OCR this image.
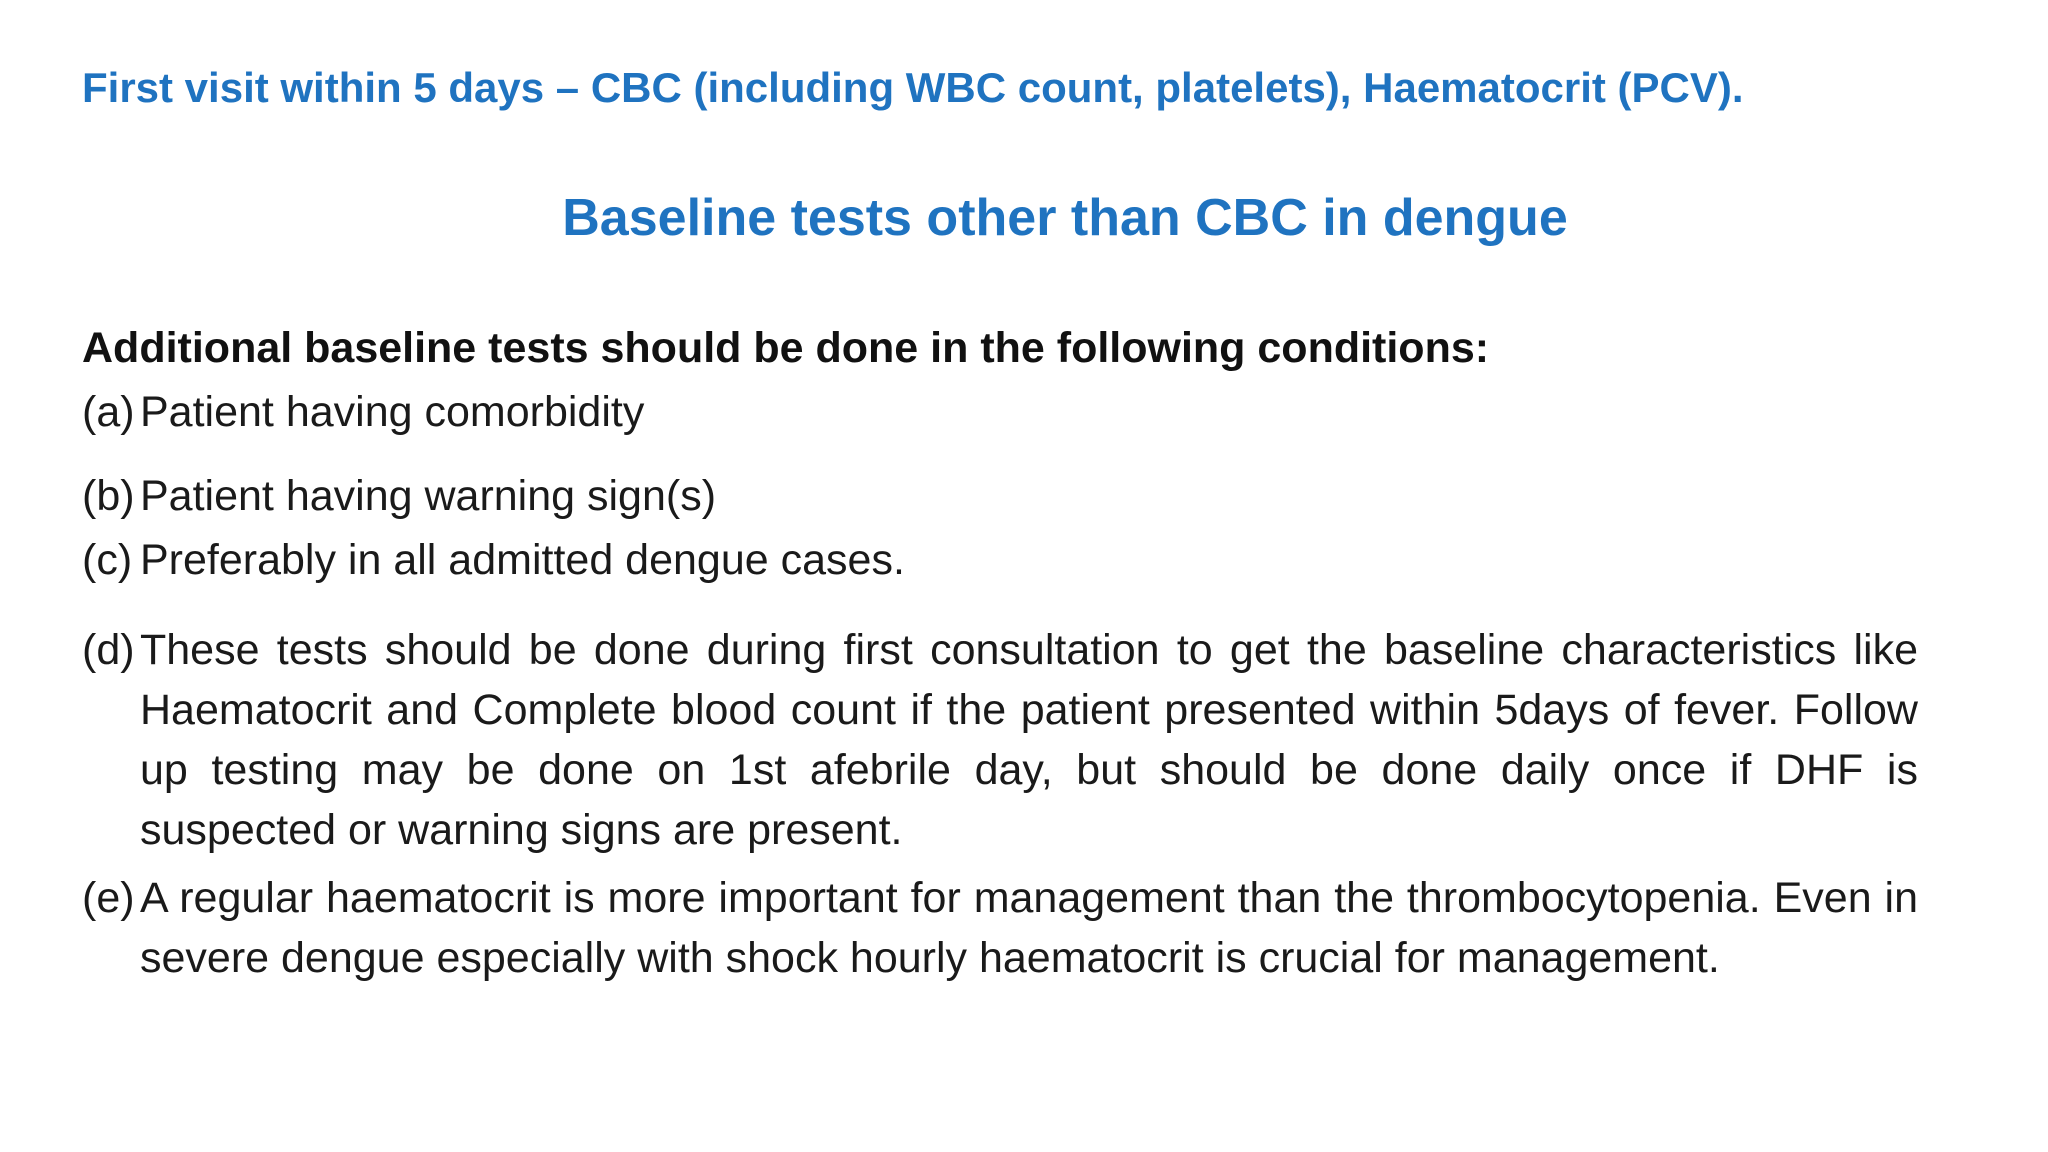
First visit within 5 days – CBC (including WBC count, platelets), Haematocrit (PCV).
Baseline tests other than CBC in dengue
Additional baseline tests should be done in the following conditions:
(a) Patient having comorbidity
(b) Patient having warning sign(s)
(c) Preferably in all admitted dengue cases.
(d) These tests should be done during first consultation to get the baseline characteristics like Haematocrit and Complete blood count if the patient presented within 5days of fever. Follow up testing may be done on 1st afebrile day, but should be done daily once if DHF is suspected or warning signs are present.
(e) A regular haematocrit is more important for management than the thrombocytopenia. Even in severe dengue especially with shock hourly haematocrit is crucial for management.
